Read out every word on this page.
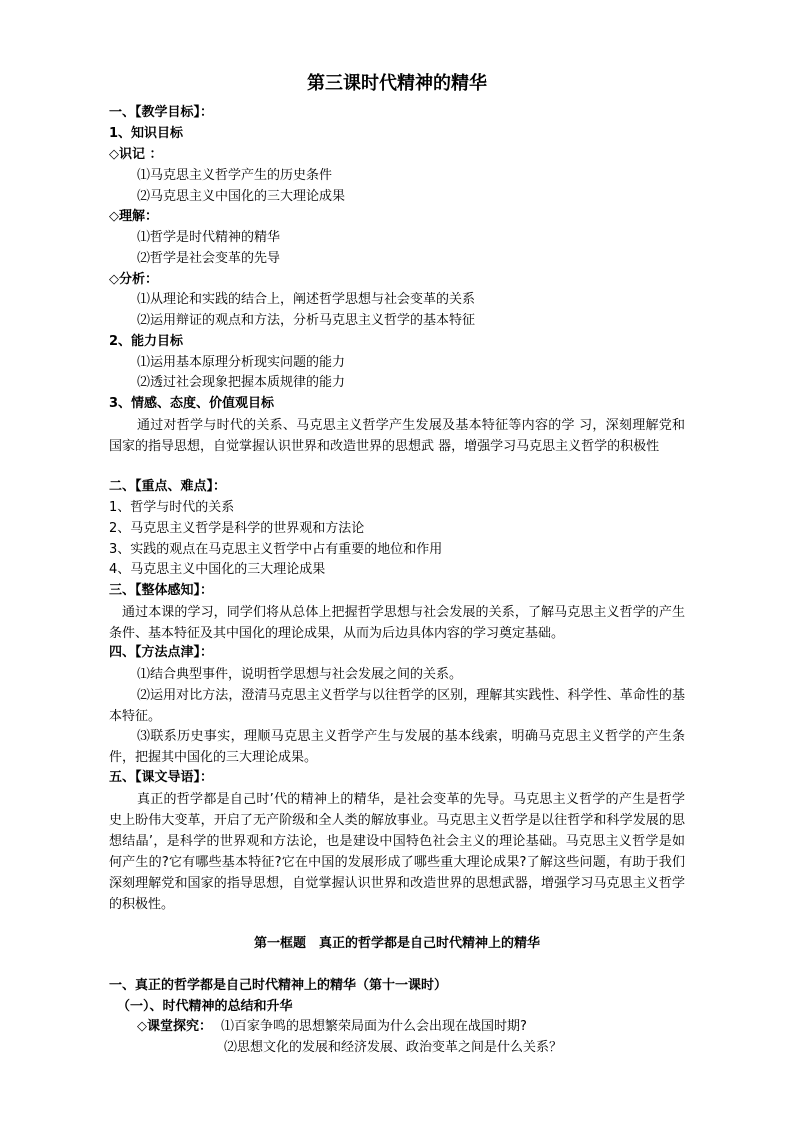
第三课时代精神的精华

一、【教学目标】：

1、知识目标

◇识记 ：

⑴马克思主义哲学产生的历史条件

⑵马克思主义中国化的三大理论成果

◇理解：

⑴哲学是时代精神的精华

⑵哲学是社会变革的先导

◇分析：

⑴从理论和实践的结合上，阐述哲学思想与社会变革的关系

⑵运用辩证的观点和方法，分析马克思主义哲学的基本特征

2、能力目标

⑴运用基本原理分析现实问题的能力

⑵透过社会现象把握本质规律的能力

3、情感、态度、价值观目标

通过对哲学与时代的关系、马克思主义哲学产生发展及基本特征等内容的学 习，深刻理解党和国家的指导思想，自觉掌握认识世界和改造世界的思想武 器，增强学习马克思主义哲学的积极性

二、【重点、难点】：

1、哲学与时代的关系

2、马克思主义哲学是科学的世界观和方法论

3、实践的观点在马克思主义哲学中占有重要的地位和作用

4、马克思主义中国化的三大理论成果

三、【整体感知】：

通过本课的学习，同学们将从总体上把握哲学思想与社会发展的关系，了解马克思主义哲学的产生条件、基本特征及其中国化的理论成果，从而为后边具体内容的学习奠定基础。

四、【方法点津】：

⑴结合典型事件，说明哲学思想与社会发展之间的关系。

⑵运用对比方法，澄清马克思主义哲学与以往哲学的区别，理解其实践性、科学性、革命性的基本特征。

⑶联系历史事实，理顺马克思主义哲学产生与发展的基本线索，明确马克思主义哲学的产生条件，把握其中国化的三大理论成果。

五、【课文导语】：

真正的哲学都是自己时’代的精神上的精华，是社会变革的先导。马克思主义哲学的产生是哲学史上盼伟大变革，开启了无产阶级和全人类的解放事业。马克思主义哲学是以往哲学和科学发展的思想结晶’，是科学的世界观和方法论，也是建设中国特色社会主义的理论基础。马克思主义哲学是如何产生的?它有哪些基本特征?它在中国的发展形成了哪些重大理论成果?了解这些问题，有助于我们深刻理解党和国家的指导思想，自觉掌握认识世界和改造世界的思想武器，增强学习马克思主义哲学的积极性。

第一框题　真正的哲学都是自己时代精神上的精华

一、真正的哲学都是自己时代精神上的精华（第十一课时）

（一）、时代精神的总结和升华

◇课堂探究： ⑴百家争鸣的思想繁荣局面为什么会出现在战国时期?

⑵思想文化的发展和经济发展、政治变革之间是什么关系？
